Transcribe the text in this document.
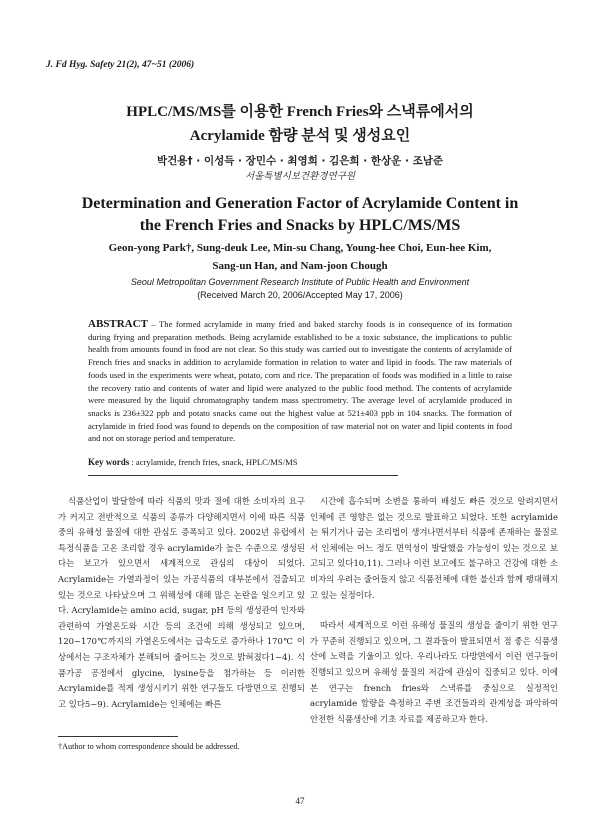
J. Fd Hyg. Safety 21(2), 47~51 (2006)
HPLC/MS/MS를 이용한 French Fries와 스낵류에서의
Acrylamide 함량 분석 및 생성요인
박건용† · 이성득 · 장민수 · 최영희 · 김은희 · 한상운 · 조남준
서울특별시보건환경연구원
Determination and Generation Factor of Acrylamide Content in
the French Fries and Snacks by HPLC/MS/MS
Geon-yong Park†, Sung-deuk Lee, Min-su Chang, Young-hee Choi, Eun-hee Kim,
Sang-un Han, and Nam-joon Chough
Seoul Metropolitan Government Research Institute of Public Health and Environment
(Received March 20, 2006/Accepted May 17, 2006)

ABSTRACT – The formed acrylamide in many fried and baked starchy foods is in consequence of its formation during frying and preparation methods. Being acrylamide established to be a toxic substance, the implications to public health from amounts found in food are not clear. So this study was carried out to investigate the contents of acrylamide of French fries and snacks in addition to acrylamide formation in relation to water and lipid in foods. The raw materials of foods used in the experiments were wheat, potato, corn and rice. The preparation of foods was modified in a little to raise the recovery ratio and contents of water and lipid were analyzed to the public food method. The contents of acrylamide were measured by the liquid chromatography tandem mass spectrometry. The average level of acrylamide produced in snacks is 236±322 ppb and potato snacks came out the highest value at 521±403 ppb in 104 snacks. The formation of acrylamide in fried food was found to depends on the composition of raw material not on water and lipid contents in food and not on storage period and temperature.

Key words : acrylamide, french fries, snack, HPLC/MS/MS

식품산업이 발달함에 따라 식품의 맛과 질에 대한 소비자의 요구가 커지고 전반적으로 식품의 종류가 다양해지면서 이에 따른 식품 중의 유해성 물질에 대한 관심도 증폭되고 있다. 2002년 유럽에서 특정식품을 고온 조리할 경우 acrylamide가 높은 수준으로 생성된다는 보고가 있으면서 세계적으로 관심의 대상이 되었다. Acrylamide는 가열과정이 있는 가공식품의 대부분에서 검출되고 있는 것으로 나타났으며 그 위해성에 대해 많은 논란을 일으키고 있다. Acrylamide는 amino acid, sugar, pH 등의 생성관여 인자와 관련하여 가열온도와 시간 등의 조건에 의해 생성되고 있으며, 120~170℃까지의 가열온도에서는 급속도로 증가하나 170℃ 이상에서는 구조자체가 분해되어 줄어드는 것으로 밝혀졌다1~4). 식품가공 공정에서 glycine, lysine등을 첨가하는 등 이러한 Acrylamide를 적게 생성시키기 위한 연구들도 다방면으로 진행되고 있다5~9). Acrylamide는 인체에는 빠른

시간에 흡수되며 소변을 통하여 배설도 빠른 것으로 알려지면서 인체에 큰 영향은 없는 것으로 발표하고 되었다. 또한 acrylamide는 튀기거나 굽는 조리법이 생겨나면서부터 식품에 존재하는 물질로서 인체에는 어느 정도 면역성이 발달했을 가능성이 있는 것으로 보고되고 있다10,11). 그러나 이런 보고에도 불구하고 건강에 대한 소비자의 우려는 줄어들지 않고 식품전체에 대한 불신과 함께 팽대해지고 있는 실정이다.

따라서 세계적으로 이런 유해성 물질의 생성을 줄이기 위한 연구가 꾸준히 진행되고 있으며, 그 결과들이 발표되면서 점 좋은 식품생산에 노력을 기울이고 있다. 우리나라도 다방면에서 이런 연구들이 진행되고 있으며 유해성 물질의 저감에 관심이 집중되고 있다. 이에 본 연구는 french fries와 스낵류를 중심으로 실정적인 acrylamide 함량을 측정하고 주변 조건들과의 관계성을 파악하여 안전한 식품생산에 기초 자료를 제공하고자 한다.

†Author to whom correspondence should be addressed.
47
